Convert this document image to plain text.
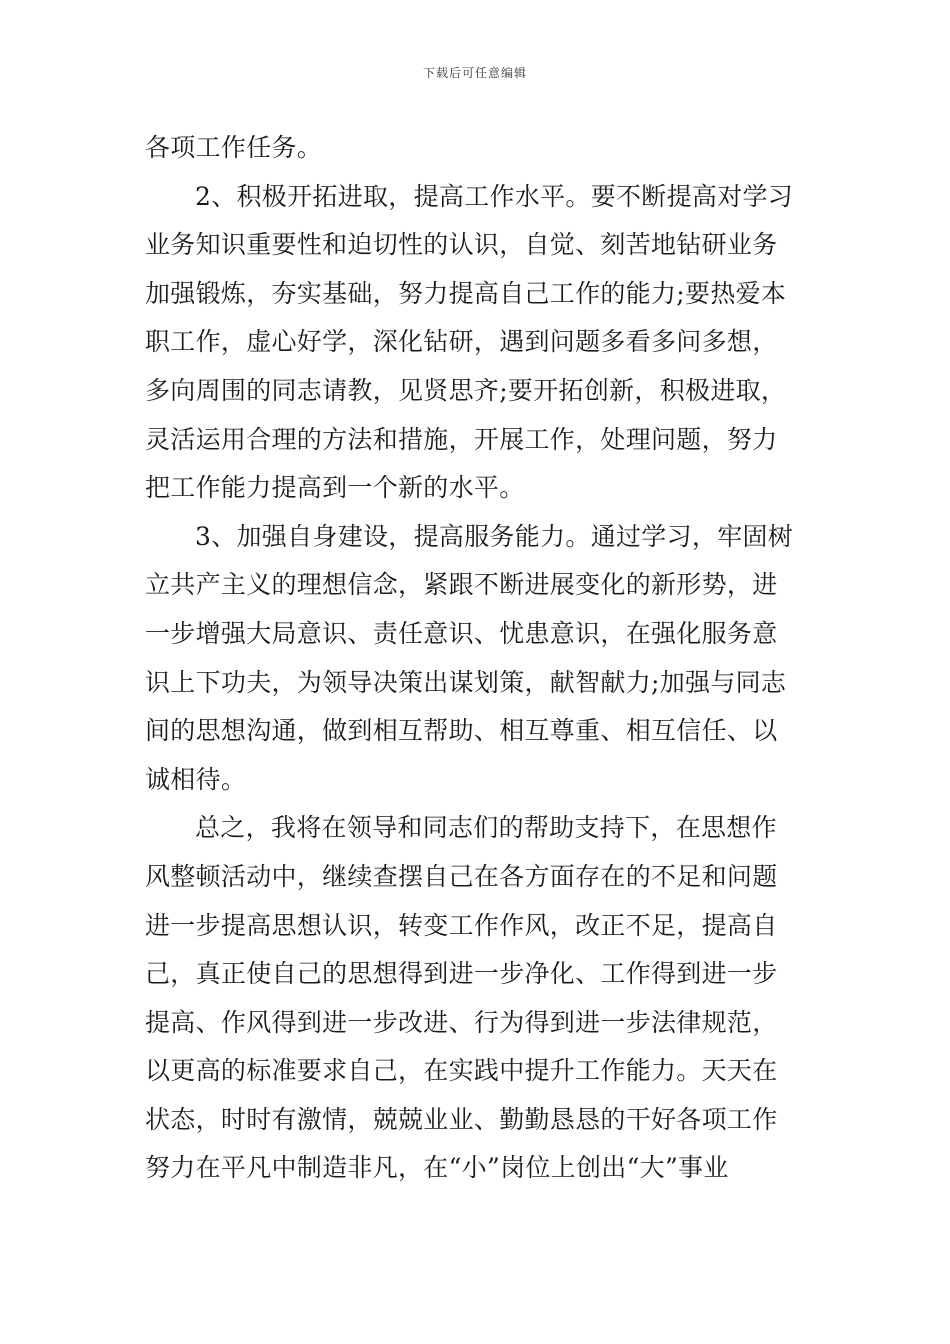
下载后可任意编辑
各项工作任务。
2、积极开拓进取，提高工作水平。要不断提高对学习
业务知识重要性和迫切性的认识，自觉、刻苦地钻研业务
加强锻炼，夯实基础，努力提高自己工作的能力;要热爱本
职工作，虚心好学，深化钻研，遇到问题多看多问多想，
多向周围的同志请教，见贤思齐;要开拓创新，积极进取，
灵活运用合理的方法和措施，开展工作，处理问题，努力
把工作能力提高到一个新的水平。
3、加强自身建设，提高服务能力。通过学习，牢固树
立共产主义的理想信念，紧跟不断进展变化的新形势，进
一步增强大局意识、责任意识、忧患意识，在强化服务意
识上下功夫，为领导决策出谋划策，献智献力;加强与同志
间的思想沟通，做到相互帮助、相互尊重、相互信任、以
诚相待。
总之，我将在领导和同志们的帮助支持下，在思想作
风整顿活动中，继续查摆自己在各方面存在的不足和问题
进一步提高思想认识，转变工作作风，改正不足，提高自
己，真正使自己的思想得到进一步净化、工作得到进一步
提高、作风得到进一步改进、行为得到进一步法律规范，
以更高的标准要求自己，在实践中提升工作能力。天天在
状态，时时有激情，兢兢业业、勤勤恳恳的干好各项工作
努力在平凡中制造非凡，在“小”岗位上创出“大”事业
